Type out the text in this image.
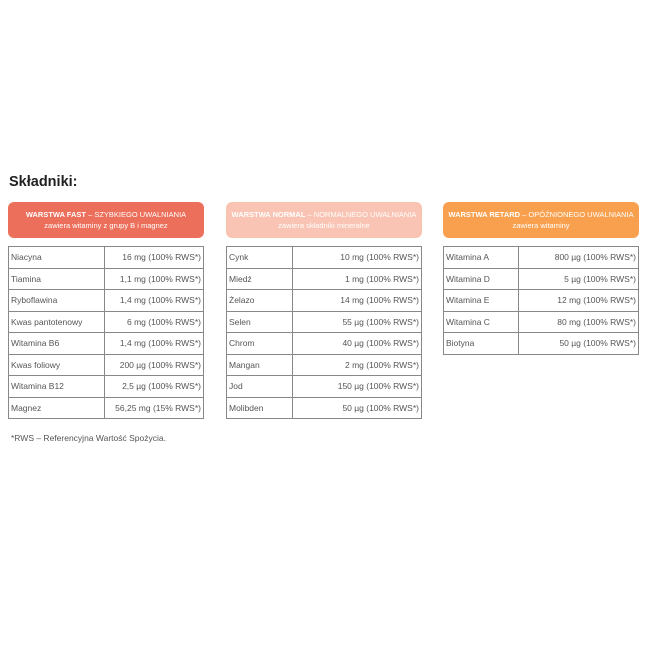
Składniki:
WARSTWA FAST – SZYBKIEGO UWALNIANIA
zawiera witaminy z grupy B i magnez
Niacyna	16 mg (100% RWS*)
Tiamina	1,1 mg (100% RWS*)
Ryboflawina	1,4 mg (100% RWS*)
Kwas pantotenowy	6 mg (100% RWS*)
Witamina B6	1,4 mg (100% RWS*)
Kwas foliowy	200 µg (100% RWS*)
Witamina B12	2,5 µg (100% RWS*)
Magnez	56,25 mg (15% RWS*)
WARSTWA NORMAL – NORMALNEGO UWALNIANIA
zawiera składniki mineralne
Cynk	10 mg (100% RWS*)
Miedź	1 mg (100% RWS*)
Żelazo	14 mg (100% RWS*)
Selen	55 µg (100% RWS*)
Chrom	40 µg (100% RWS*)
Mangan	2 mg (100% RWS*)
Jod	150 µg (100% RWS*)
Molibden	50 µg (100% RWS*)
WARSTWA RETARD – OPÓŹNIONEGO UWALNIANIA
zawiera witaminy
Witamina A	800 µg (100% RWS*)
Witamina D	5 µg (100% RWS*)
Witamina E	12 mg (100% RWS*)
Witamina C	80 mg (100% RWS*)
Biotyna	50 µg (100% RWS*)
*RWS – Referencyjna Wartość Spożycia.
